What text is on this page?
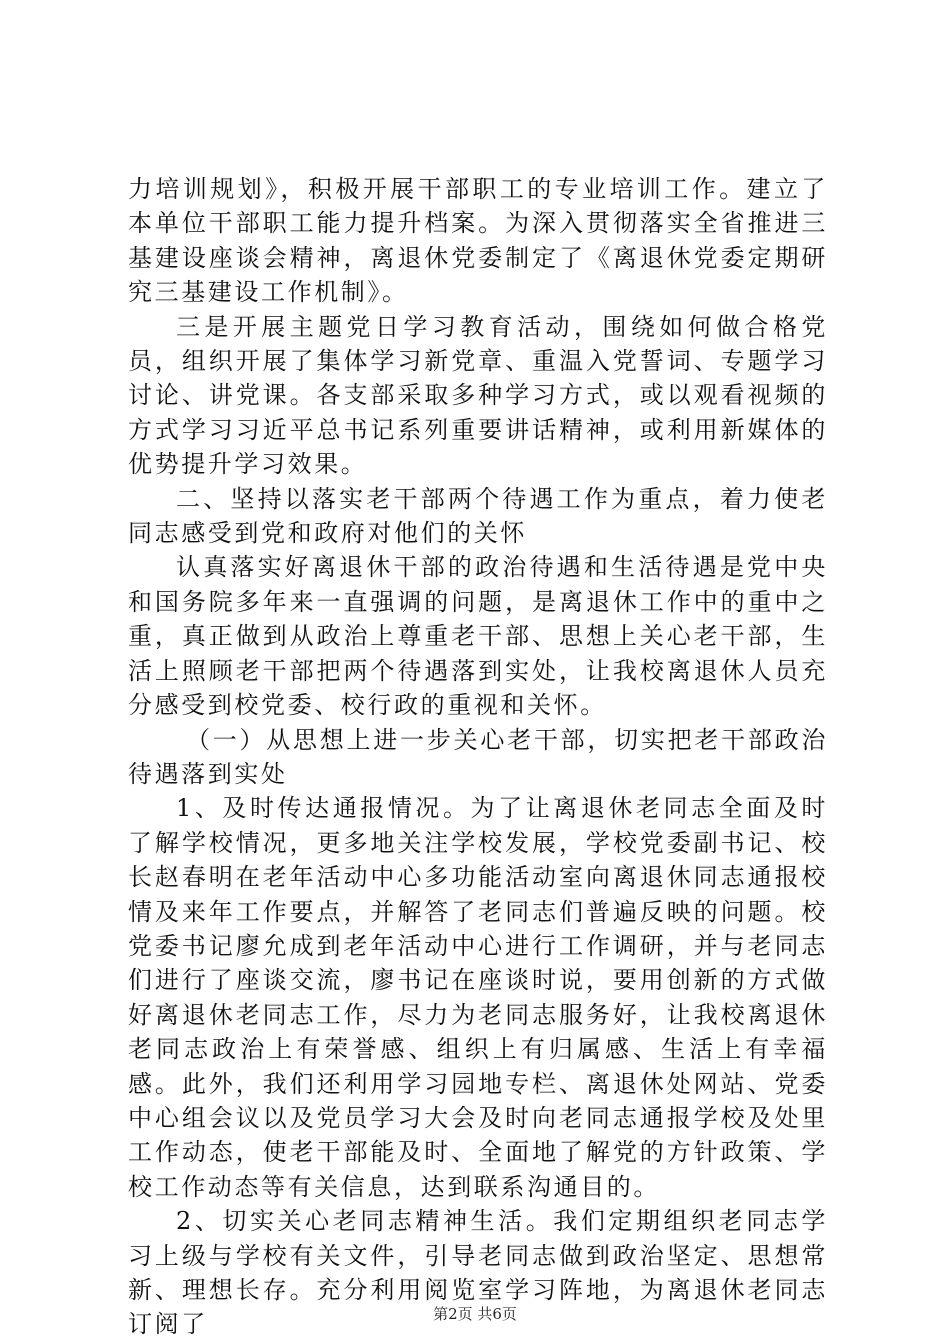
力培训规划》，积极开展干部职工的专业培训工作。建立了本单位干部职工能力提升档案。为深入贯彻落实全省推进三基建设座谈会精神，离退休党委制定了《离退休党委定期研究三基建设工作机制》。

三是开展主题党日学习教育活动，围绕如何做合格党员，组织开展了集体学习新党章、重温入党誓词、专题学习讨论、讲党课。各支部采取多种学习方式，或以观看视频的方式学习习近平总书记系列重要讲话精神，或利用新媒体的优势提升学习效果。

二、坚持以落实老干部两个待遇工作为重点，着力使老同志感受到党和政府对他们的关怀

认真落实好离退休干部的政治待遇和生活待遇是党中央和国务院多年来一直强调的问题，是离退休工作中的重中之重，真正做到从政治上尊重老干部、思想上关心老干部，生活上照顾老干部把两个待遇落到实处，让我校离退休人员充分感受到校党委、校行政的重视和关怀。

（一）从思想上进一步关心老干部，切实把老干部政治待遇落到实处

1、及时传达通报情况。为了让离退休老同志全面及时了解学校情况，更多地关注学校发展，学校党委副书记、校长赵春明在老年活动中心多功能活动室向离退休同志通报校情及来年工作要点，并解答了老同志们普遍反映的问题。校党委书记廖允成到老年活动中心进行工作调研，并与老同志们进行了座谈交流，廖书记在座谈时说，要用创新的方式做好离退休老同志工作，尽力为老同志服务好，让我校离退休老同志政治上有荣誉感、组织上有归属感、生活上有幸福感。此外，我们还利用学习园地专栏、离退休处网站、党委中心组会议以及党员学习大会及时向老同志通报学校及处里工作动态，使老干部能及时、全面地了解党的方针政策、学校工作动态等有关信息，达到联系沟通目的。

2、切实关心老同志精神生活。我们定期组织老同志学习上级与学校有关文件，引导老同志做到政治坚定、思想常新、理想长存。充分利用阅览室学习阵地，为离退休老同志订阅了	第2页 共6页
